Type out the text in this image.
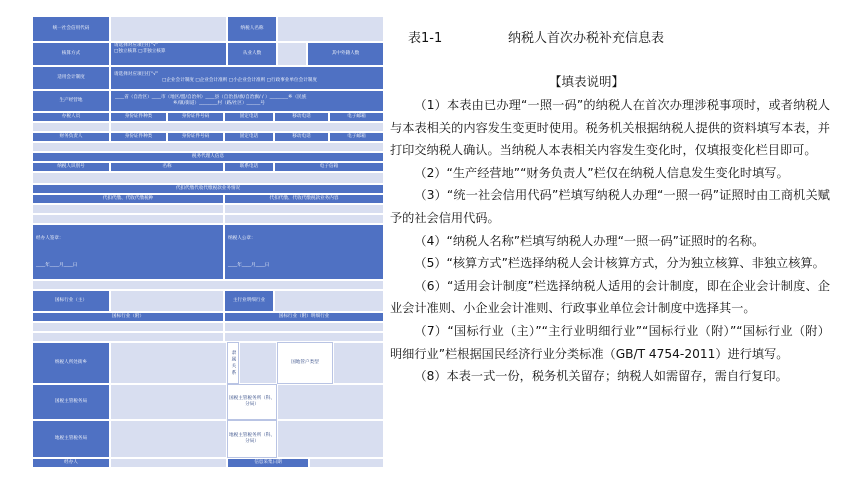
统一社会信用代码	纳税人名称
核算方式
请选择对应项目打“√”
□独立核算 □非独立核算	从业人数	其中外籍人数
适用会计制度
请选择对应项目打“√”
□企业会计制度 □企业会计准则 □小企业会计准则 □行政事业单位会计制度
生产经营地
____省（自治区）____市（地区/盟/自治州）____县（自治县/旗/自治旗/ / ）________乡（民族
乡/镇/街道）________村（路/社区）______号
办税人员	身份证件种类	身份证件号码	固定电话	移动电话	电子邮箱
财务负责人	身份证件种类	身份证件号码	固定电话	移动电话	电子邮箱
税务代理人信息
纳税人识别号	名称	联系电话	电子信箱
代扣代缴代收代缴税款业务情况
代扣代缴、代收代缴税种	代扣代缴、代收代缴税款业务内容
经办人签章：
____年____月____日
纳税人公章：
____年____月____日
国标行业（主）	主行业明细行业
国标行业（附）	国标行业（附）明细行业
纳税人所处街乡	隶属关系	国地管户类型
国税主管税务局
国税主管税务所（科、分局）
地税主管税务局
地税主管税务所（科、分局）
经办人	信息采集日期
表1-1	纳税人首次办税补充信息表
【填表说明】

（1）本表由已办理“一照一码”的纳税人在首次办理涉税事项时，或者纳税人与本表相关的内容发生变更时使用。税务机关根据纳税人提供的资料填写本表，并打印交纳税人确认。当纳税人本表相关内容发生变化时，仅填报变化栏目即可。

（2）“生产经营地”“财务负责人”栏仅在纳税人信息发生变化时填写。

（3）“统一社会信用代码”栏填写纳税人办理“一照一码”证照时由工商机关赋予的社会信用代码。

（4）“纳税人名称”栏填写纳税人办理“一照一码”证照时的名称。

（5）“核算方式”栏选择纳税人会计核算方式，分为独立核算、非独立核算。

（6）“适用会计制度”栏选择纳税人适用的会计制度，即在企业会计制度、企业会计准则、小企业会计准则、行政事业单位会计制度中选择其一。

（7）“国标行业（主）”“主行业明细行业”“国标行业（附）”“国标行业（附）明细行业”栏根据国民经济行业分类标准（GB/T 4754-2011）进行填写。

（8）本表一式一份，税务机关留存；纳税人如需留存，需自行复印。
